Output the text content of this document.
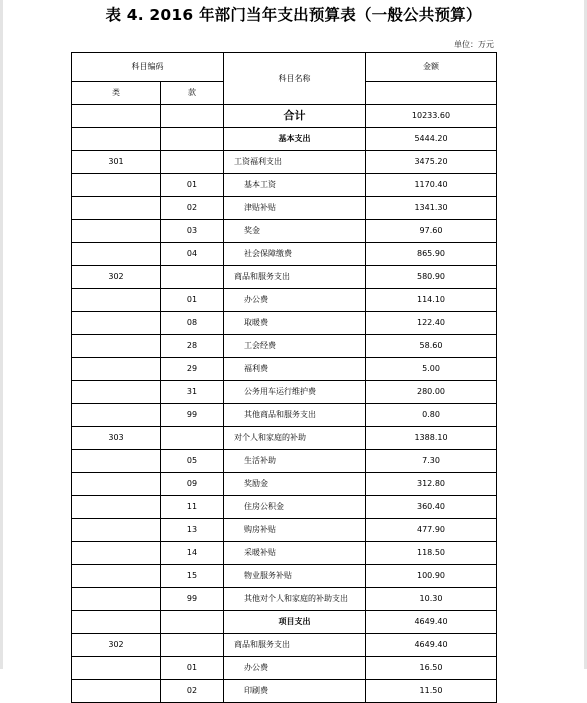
表 4. 2016 年部门当年支出预算表（一般公共预算）
单位：万元
科目编码		科目名称	金额
类	款		
		合计	10233.60
		基本支出	5444.20
301		工资福利支出	3475.20
	01	基本工资	1170.40
	02	津贴补贴	1341.30
	03	奖金	97.60
	04	社会保障缴费	865.90
302		商品和服务支出	580.90
	01	办公费	114.10
	08	取暖费	122.40
	28	工会经费	58.60
	29	福利费	5.00
	31	公务用车运行维护费	280.00
	99	其他商品和服务支出	0.80
303		对个人和家庭的补助	1388.10
	05	生活补助	7.30
	09	奖励金	312.80
	11	住房公积金	360.40
	13	购房补贴	477.90
	14	采暖补贴	118.50
	15	物业服务补贴	100.90
	99	其他对个人和家庭的补助支出	10.30
		项目支出	4649.40
302		商品和服务支出	4649.40
	01	办公费	16.50
	02	印刷费	11.50
